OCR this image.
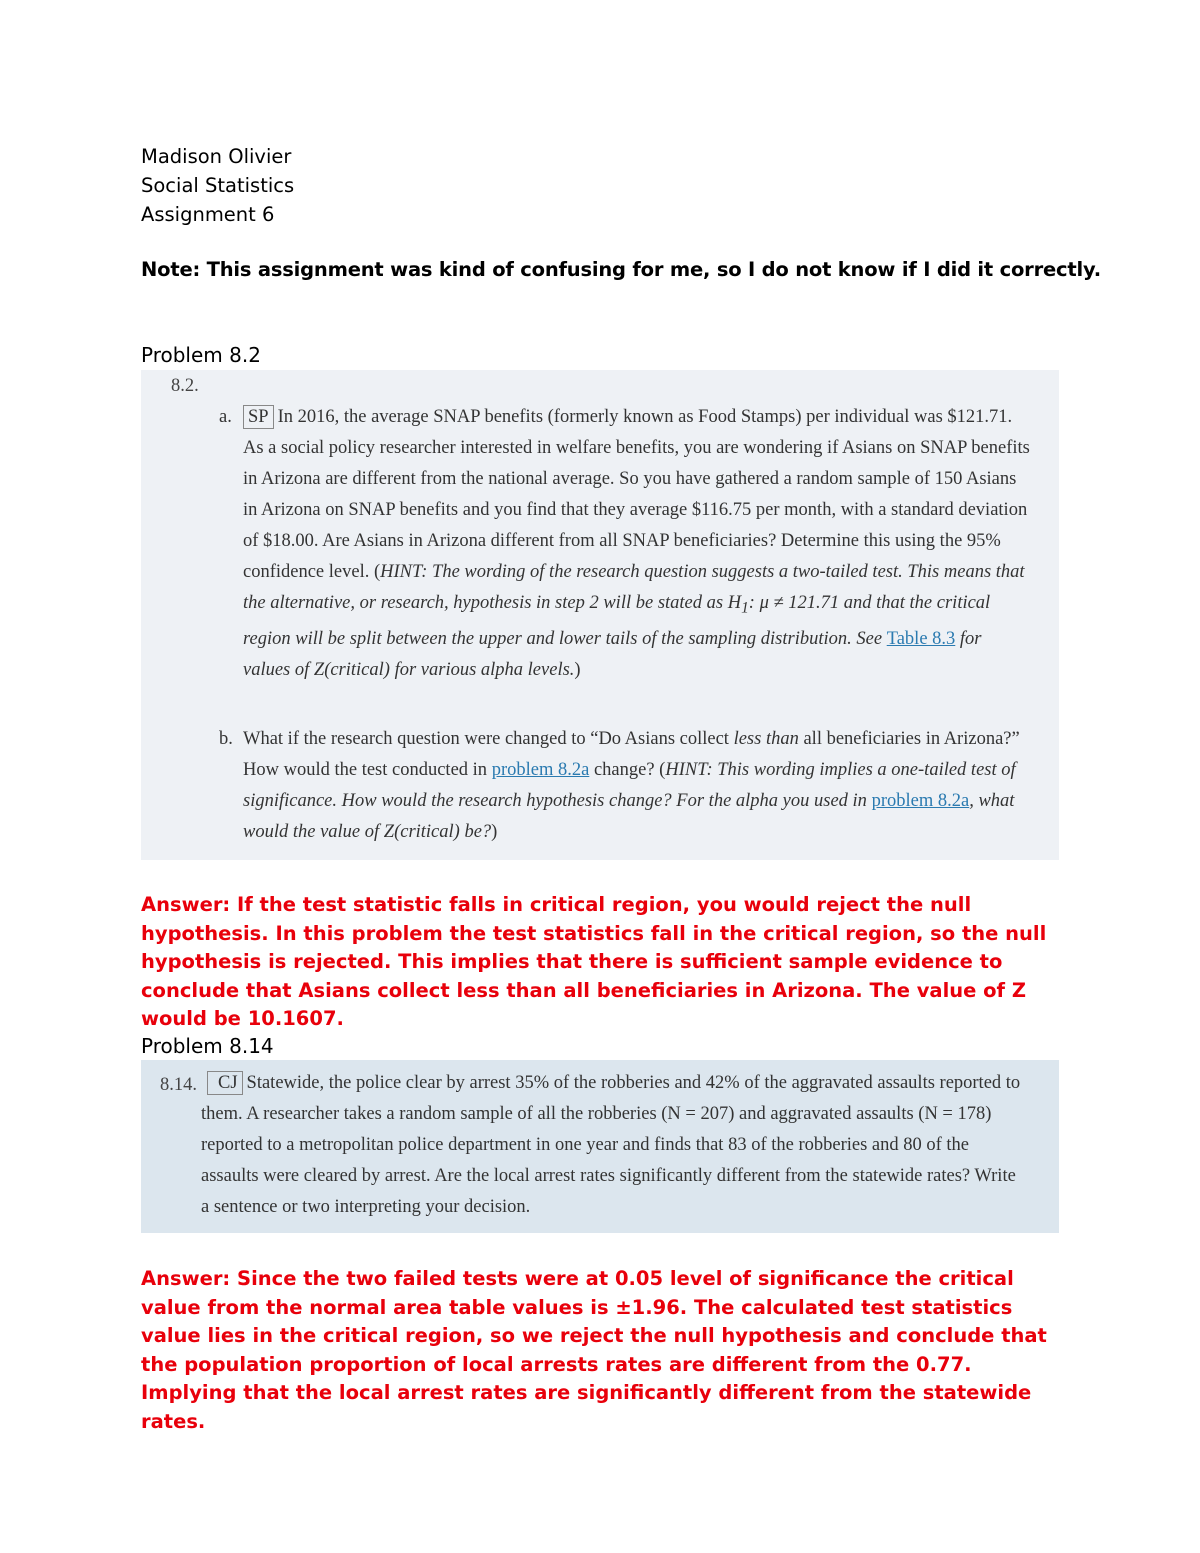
Madison Olivier
Social Statistics
Assignment 6
Note: This assignment was kind of confusing for me, so I do not know if I did it correctly.
Problem 8.2
8.2.
a. SP In 2016, the average SNAP benefits (formerly known as Food Stamps) per individual was $121.71. As a social policy researcher interested in welfare benefits, you are wondering if Asians on SNAP benefits in Arizona are different from the national average. So you have gathered a random sample of 150 Asians in Arizona on SNAP benefits and you find that they average $116.75 per month, with a standard deviation of $18.00. Are Asians in Arizona different from all SNAP beneficiaries? Determine this using the 95% confidence level. (HINT: The wording of the research question suggests a two-tailed test. This means that the alternative, or research, hypothesis in step 2 will be stated as $H_1$: μ ≠ 121.71 and that the critical region will be split between the upper and lower tails of the sampling distribution. See Table 8.3 for values of Z(critical) for various alpha levels.)

b. What if the research question were changed to “Do Asians collect less than all beneficiaries in Arizona?” How would the test conducted in problem 8.2a change? (HINT: This wording implies a one-tailed test of significance. How would the research hypothesis change? For the alpha you used in problem 8.2a, what would the value of Z(critical) be?)

Answer: If the test statistic falls in critical region, you would reject the null hypothesis. In this problem the test statistics fall in the critical region, so the null hypothesis is rejected. This implies that there is sufficient sample evidence to conclude that Asians collect less than all beneficiaries in Arizona. The value of Z would be 10.1607.
Problem 8.14
8.14.	CJ Statewide, the police clear by arrest 35% of the robberies and 42% of the aggravated assaults reported to them. A researcher takes a random sample of all the robberies (N = 207) and aggravated assaults (N = 178) reported to a metropolitan police department in one year and finds that 83 of the robberies and 80 of the assaults were cleared by arrest. Are the local arrest rates significantly different from the statewide rates? Write a sentence or two interpreting your decision.

Answer: Since the two failed tests were at 0.05 level of significance the critical value from the normal area table values is ±1.96. The calculated test statistics value lies in the critical region, so we reject the null hypothesis and conclude that the population proportion of local arrests rates are different from the 0.77. Implying that the local arrest rates are significantly different from the statewide rates.
